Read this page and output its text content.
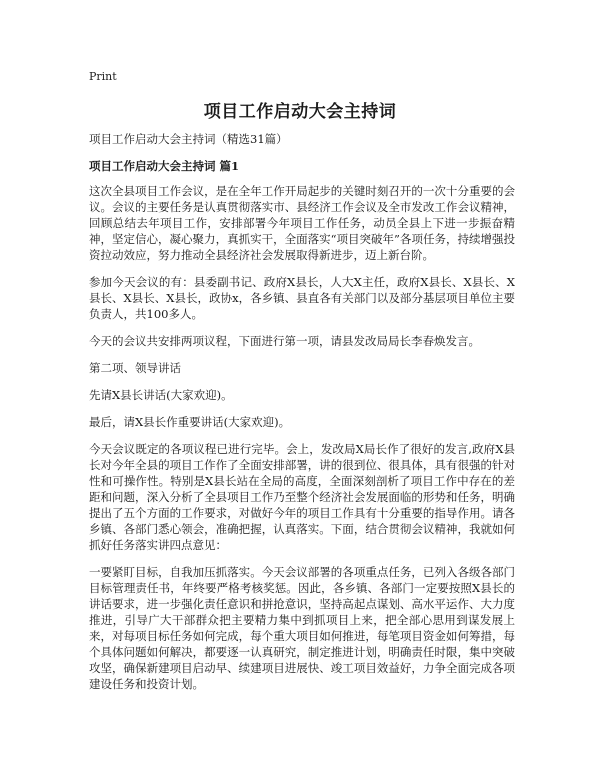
Print
项目工作启动大会主持词
项目工作启动大会主持词（精选31篇）
项目工作启动大会主持词 篇1

这次全县项目工作会议，是在全年工作开局起步的关键时刻召开的一次十分重要的会议。会议的主要任务是认真贯彻落实市、县经济工作会议及全市发改工作会议精神，回顾总结去年项目工作，安排部署今年项目工作任务，动员全县上下进一步振奋精神，坚定信心，凝心聚力，真抓实干，全面落实“项目突破年”各项任务，持续增强投资拉动效应，努力推动全县经济社会发展取得新进步，迈上新台阶。

参加今天会议的有：县委副书记、政府X县长，人大X主任，政府X县长、X县长、X县长、X县长、X县长，政协x，各乡镇、县直各有关部门以及部分基层项目单位主要负责人，共100多人。

今天的会议共安排两项议程，下面进行第一项，请县发改局局长李春焕发言。

第二项、领导讲话

先请X县长讲话(大家欢迎)。

最后，请X县长作重要讲话(大家欢迎)。

今天会议既定的各项议程已进行完毕。会上，发改局X局长作了很好的发言,政府X县长对今年全县的项目工作作了全面安排部署，讲的很到位、很具体，具有很强的针对性和可操作性。特别是X县长站在全局的高度，全面深刻剖析了项目工作中存在的差距和问题，深入分析了全县项目工作乃至整个经济社会发展面临的形势和任务，明确提出了五个方面的工作要求，对做好今年的项目工作具有十分重要的指导作用。请各乡镇、各部门悉心领会，准确把握，认真落实。下面，结合贯彻会议精神，我就如何抓好任务落实讲四点意见：

一要紧盯目标，自我加压抓落实。今天会议部署的各项重点任务，已列入各级各部门目标管理责任书，年终要严格考核奖惩。因此，各乡镇、各部门一定要按照X县长的讲话要求，进一步强化责任意识和拼抢意识，坚持高起点谋划、高水平运作、大力度推进，引导广大干部群众把主要精力集中到抓项目上来，把全部心思用到谋发展上来，对每项目标任务如何完成，每个重大项目如何推进，每笔项目资金如何筹措，每个具体问题如何解决，都要逐一认真研究，制定推进计划，明确责任时限，集中突破攻坚，确保新建项目启动早、续建项目进展快、竣工项目效益好，力争全面完成各项建设任务和投资计划。
